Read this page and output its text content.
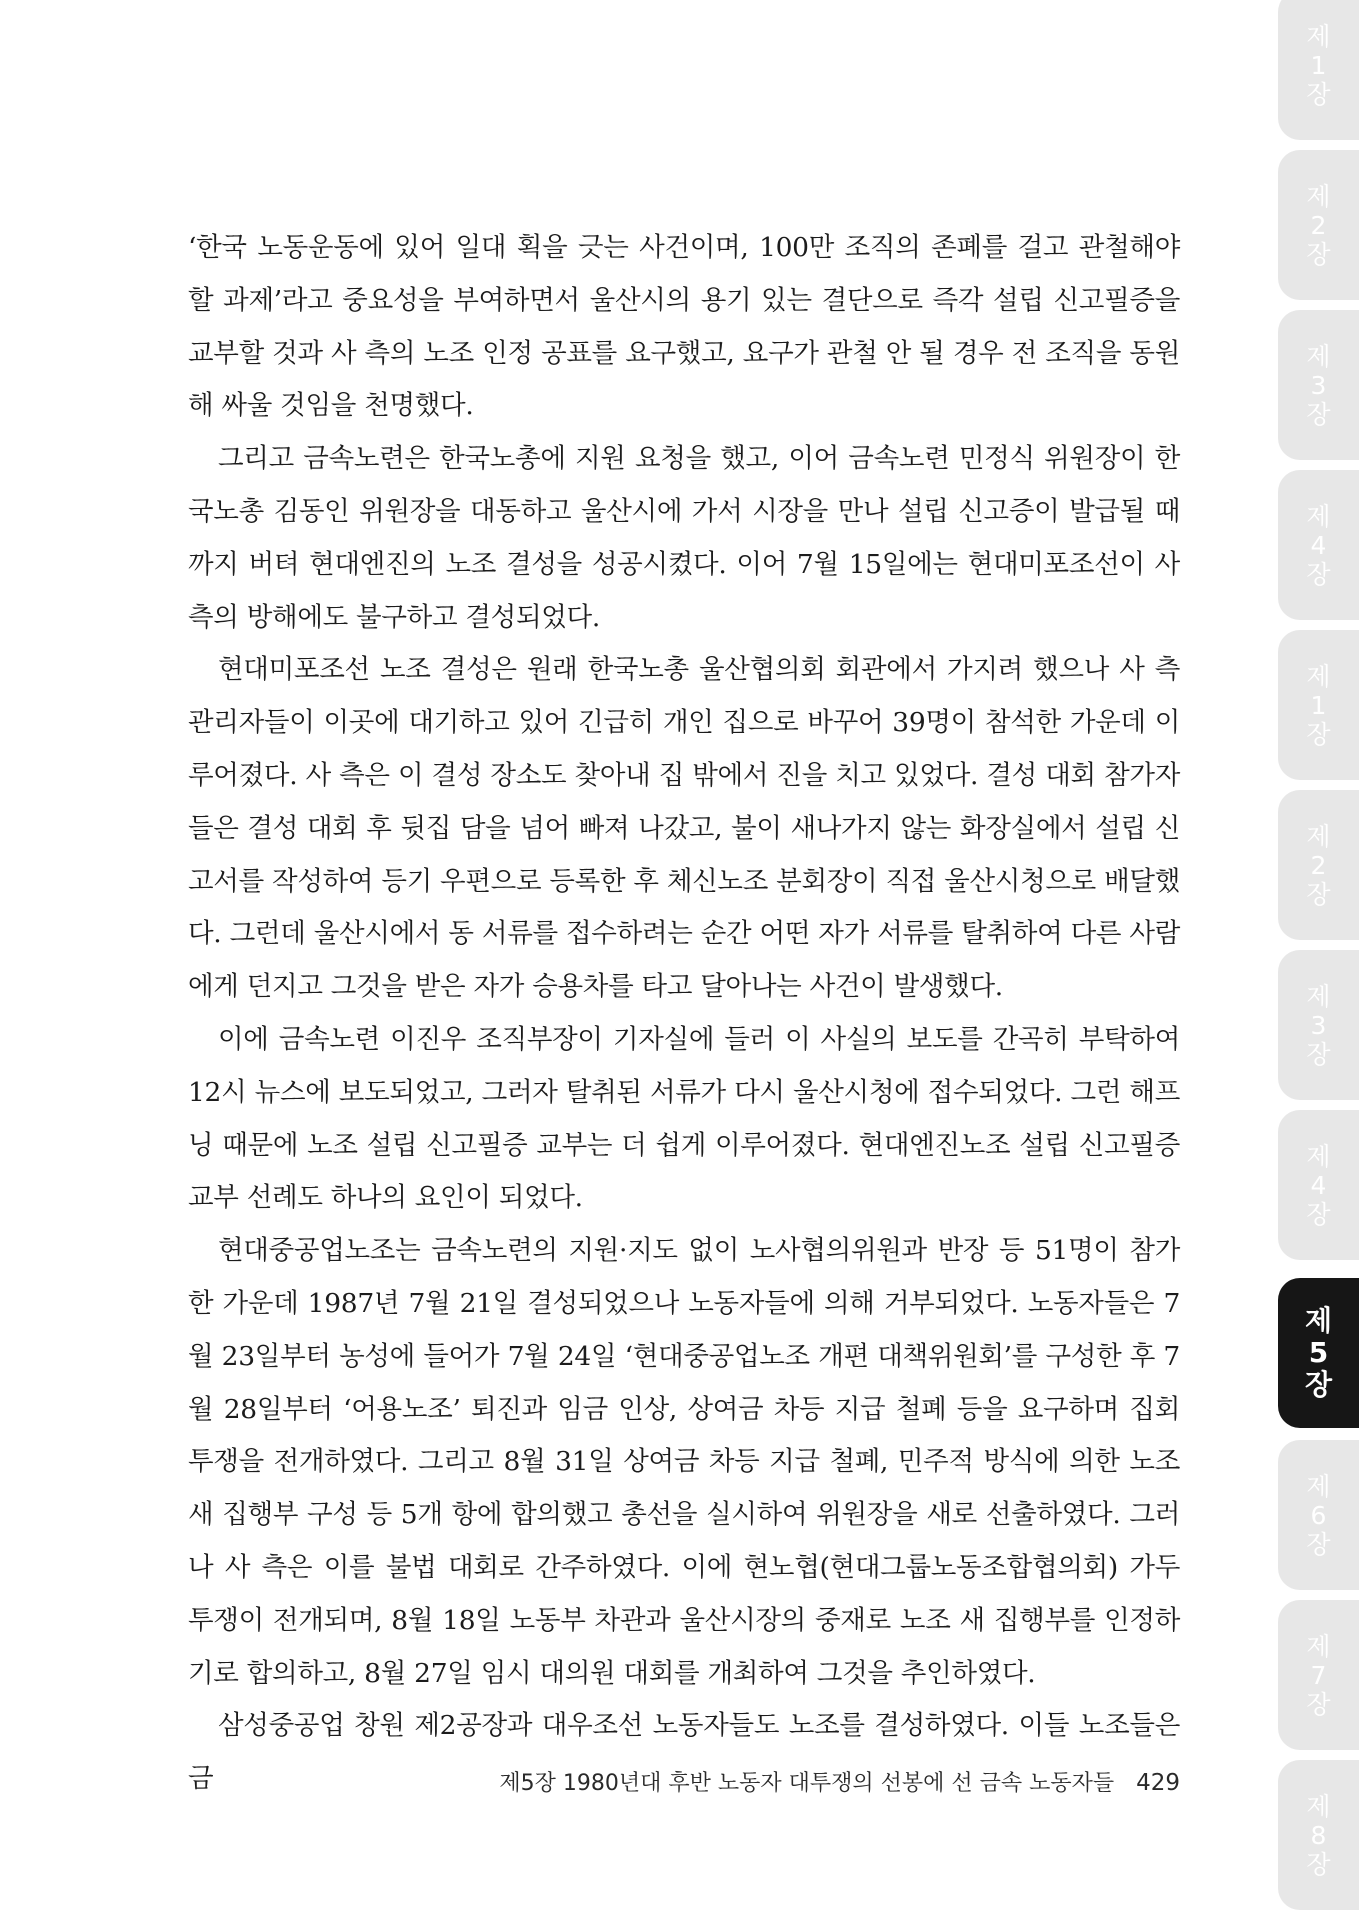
‘한국 노동운동에 있어 일대 획을 긋는 사건이며, 100만 조직의 존폐를 걸고 관철해야 할 과제’라고 중요성을 부여하면서 울산시의 용기 있는 결단으로 즉각 설립 신고필증을 교부할 것과 사 측의 노조 인정 공표를 요구했고, 요구가 관철 안 될 경우 전 조직을 동원해 싸울 것임을 천명했다.

그리고 금속노련은 한국노총에 지원 요청을 했고, 이어 금속노련 민정식 위원장이 한국노총 김동인 위원장을 대동하고 울산시에 가서 시장을 만나 설립 신고증이 발급될 때까지 버텨 현대엔진의 노조 결성을 성공시켰다. 이어 7월 15일에는 현대미포조선이 사 측의 방해에도 불구하고 결성되었다.

현대미포조선 노조 결성은 원래 한국노총 울산협의회 회관에서 가지려 했으나 사 측 관리자들이 이곳에 대기하고 있어 긴급히 개인 집으로 바꾸어 39명이 참석한 가운데 이루어졌다. 사 측은 이 결성 장소도 찾아내 집 밖에서 진을 치고 있었다. 결성 대회 참가자들은 결성 대회 후 뒷집 담을 넘어 빠져 나갔고, 불이 새나가지 않는 화장실에서 설립 신고서를 작성하여 등기 우편으로 등록한 후 체신노조 분회장이 직접 울산시청으로 배달했다. 그런데 울산시에서 동 서류를 접수하려는 순간 어떤 자가 서류를 탈취하여 다른 사람에게 던지고 그것을 받은 자가 승용차를 타고 달아나는 사건이 발생했다.

이에 금속노련 이진우 조직부장이 기자실에 들러 이 사실의 보도를 간곡히 부탁하여 12시 뉴스에 보도되었고, 그러자 탈취된 서류가 다시 울산시청에 접수되었다. 그런 해프닝 때문에 노조 설립 신고필증 교부는 더 쉽게 이루어졌다. 현대엔진노조 설립 신고필증 교부 선례도 하나의 요인이 되었다.

현대중공업노조는 금속노련의 지원·지도 없이 노사협의위원과 반장 등 51명이 참가한 가운데 1987년 7월 21일 결성되었으나 노동자들에 의해 거부되었다. 노동자들은 7월 23일부터 농성에 들어가 7월 24일 ‘현대중공업노조 개편 대책위원회’를 구성한 후 7월 28일부터 ‘어용노조’ 퇴진과 임금 인상, 상여금 차등 지급 철폐 등을 요구하며 집회 투쟁을 전개하였다. 그리고 8월 31일 상여금 차등 지급 철폐, 민주적 방식에 의한 노조 새 집행부 구성 등 5개 항에 합의했고 총선을 실시하여 위원장을 새로 선출하였다. 그러나 사 측은 이를 불법 대회로 간주하였다. 이에 현노협(현대그룹노동조합협의회) 가두 투쟁이 전개되며, 8월 18일 노동부 차관과 울산시장의 중재로 노조 새 집행부를 인정하기로 합의하고, 8월 27일 임시 대의원 대회를 개최하여 그것을 추인하였다.

삼성중공업 창원 제2공장과 대우조선 노동자들도 노조를 결성하였다. 이들 노조들은 금	제5장 1980년대 후반 노동자 대투쟁의 선봉에 선 금속 노동자들 429
제
1
장
제
2
장
제
3
장
제
4
장
제
1
장
제
2
장
제
3
장
제
4
장
제
5
장
제
6
장
제
7
장
제
8
장
